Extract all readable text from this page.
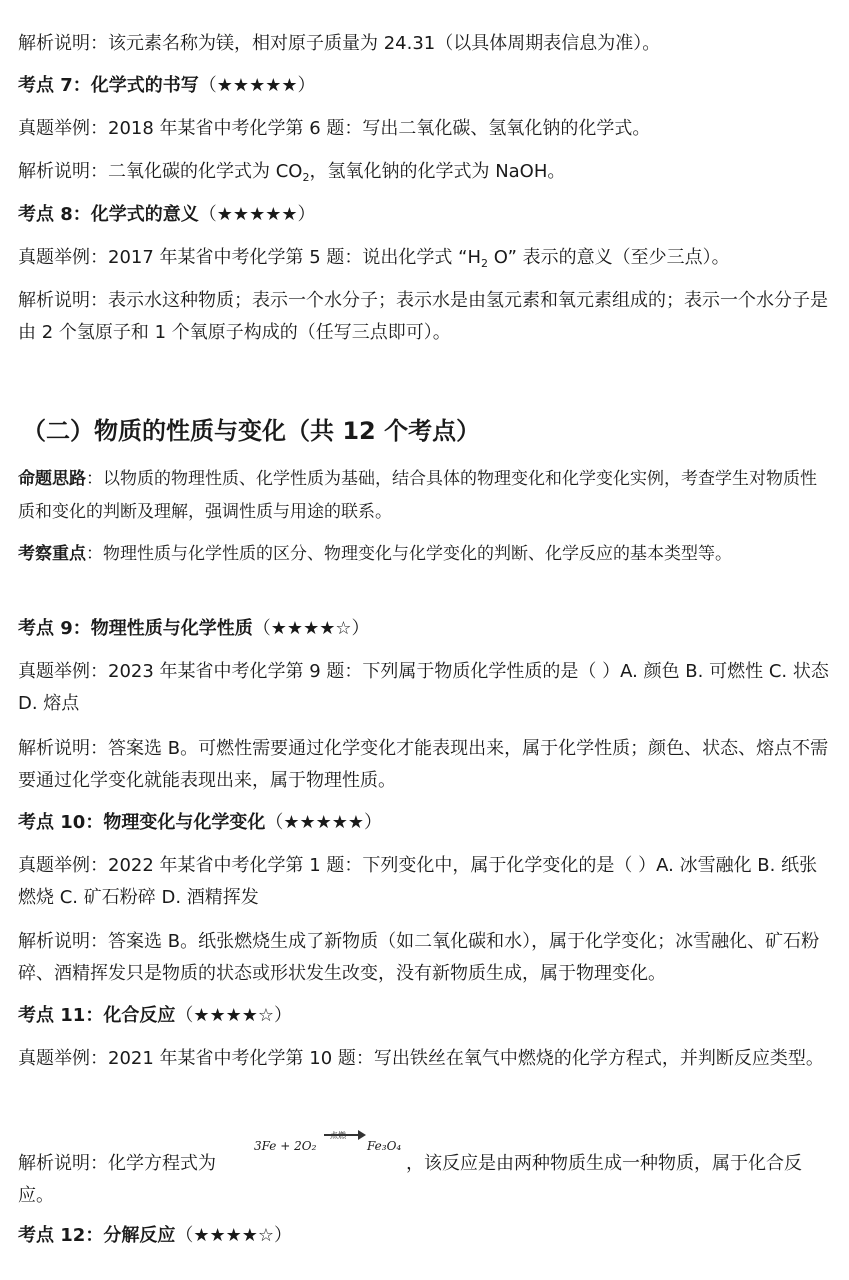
解析说明：该元素名称为镁，相对原子质量为 24.31（以具体周期表信息为准）。

考点 7：化学式的书写（★★★★★）

真题举例：2018 年某省中考化学第 6 题：写出二氧化碳、氢氧化钠的化学式。

解析说明：二氧化碳的化学式为 $CO_2$，氢氧化钠的化学式为 NaOH。

考点 8：化学式的意义（★★★★★）

真题举例：2017 年某省中考化学第 5 题：说出化学式 “$H_2$ O” 表示的意义（至少三点）。

解析说明：表示水这种物质；表示一个水分子；表示水是由氢元素和氧元素组成的；表示一个水分子是由 2 个氢原子和 1 个氧原子构成的（任写三点即可）。

（二）物质的性质与变化（共 12 个考点）

命题思路：以物质的物理性质、化学性质为基础，结合具体的物理变化和化学变化实例，考查学生对物质性质和变化的判断及理解，强调性质与用途的联系。

考察重点：物理性质与化学性质的区分、物理变化与化学变化的判断、化学反应的基本类型等。

考点 9：物理性质与化学性质（★★★★☆）

真题举例：2023 年某省中考化学第 9 题：下列属于物质化学性质的是（ ）A. 颜色 B. 可燃性 C. 状态 D. 熔点

解析说明：答案选 B。可燃性需要通过化学变化才能表现出来，属于化学性质；颜色、状态、熔点不需要通过化学变化就能表现出来，属于物理性质。

考点 10：物理变化与化学变化（★★★★★）

真题举例：2022 年某省中考化学第 1 题：下列变化中，属于化学变化的是（ ）A. 冰雪融化 B. 纸张燃烧 C. 矿石粉碎 D. 酒精挥发

解析说明：答案选 B。纸张燃烧生成了新物质（如二氧化碳和水），属于化学变化；冰雪融化、矿石粉碎、酒精挥发只是物质的状态或形状发生改变，没有新物质生成，属于物理变化。

考点 11：化合反应（★★★★☆）

真题举例：2021 年某省中考化学第 10 题：写出铁丝在氧气中燃烧的化学方程式，并判断反应类型。

解析说明：化学方程式为
3Fe + 2O₂	Fe₃O₄
，该反应是由两种物质生成一种物质，属于化合反应。

考点 12：分解反应（★★★★☆）
